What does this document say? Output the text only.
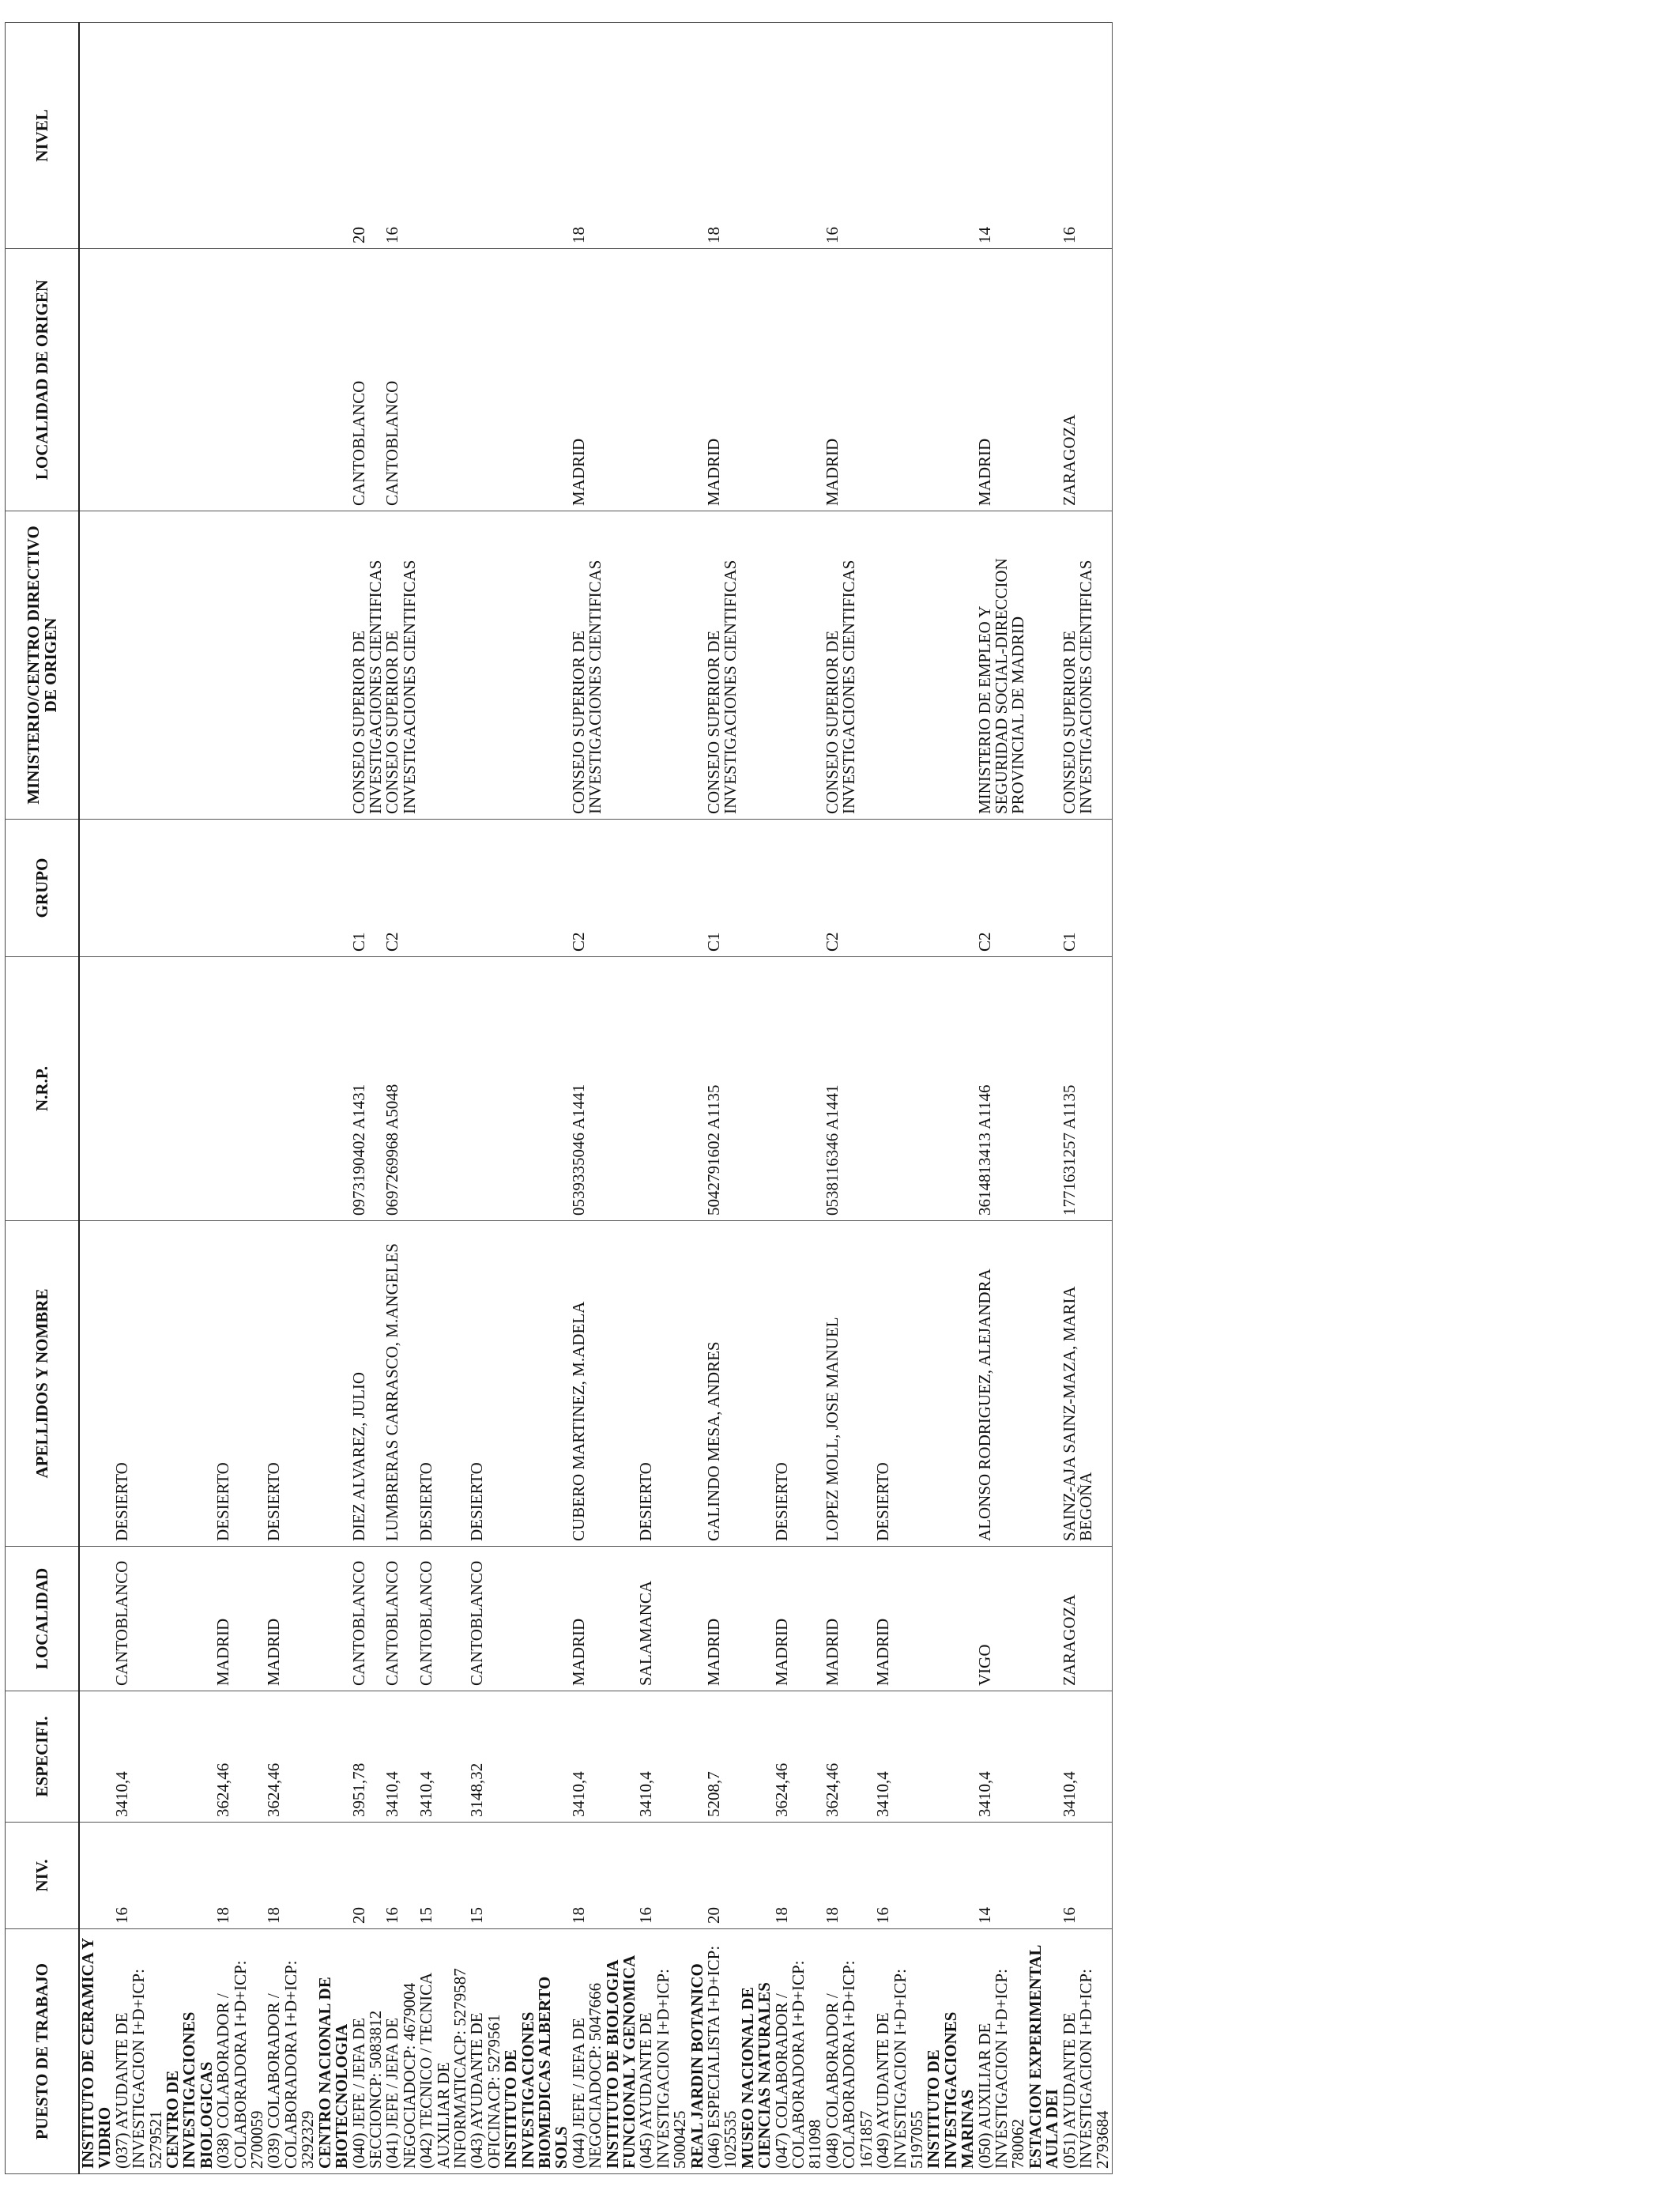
PUESTO DE TRABAJO	NIV.	ESPECIFI.	LOCALIDAD	APELLIDOS Y NOMBRE	N.R.P.	GRUPO	MINISTERIO/CENTRO DIRECTIVO DE ORIGEN	LOCALIDAD DE ORIGEN	NIVEL
INSTITUTO DE CERAMICA Y VIDRIO									
(037) AYUDANTE DE INVESTIGACION I+D+ICP: 5279521	16	3410,4	CANTOBLANCO	DESIERTO					
CENTRO DE INVESTIGACIONES BIOLOGICAS									
(038) COLABORADOR / COLABORADORA I+D+ICP: 2700059	18	3624,46	MADRID	DESIERTO					
(039) COLABORADOR / COLABORADORA I+D+ICP: 3292329	18	3624,46	MADRID	DESIERTO					
CENTRO NACIONAL DE BIOTECNOLOGIA									
(040) JEFE / JEFA DE SECCIONCP: 5083812	20	3951,78	CANTOBLANCO	DIEZ ALVAREZ, JULIO	0973190402 A1431	C1	CONSEJO SUPERIOR DE INVESTIGACIONES CIENTIFICAS	CANTOBLANCO	20
(041) JEFE / JEFA DE NEGOCIADOCP: 4679004	16	3410,4	CANTOBLANCO	LUMBRERAS CARRASCO, M.ANGELES	0697269968 A5048	C2	CONSEJO SUPERIOR DE INVESTIGACIONES CIENTIFICAS	CANTOBLANCO	16
(042) TECNICO / TECNICA AUXILIAR DE INFORMATICACP: 5279587	15	3410,4	CANTOBLANCO	DESIERTO					
(043) AYUDANTE DE OFICINACP: 5279561	15	3148,32	CANTOBLANCO	DESIERTO					
INSTITUTO DE INVESTIGACIONES BIOMEDICAS ALBERTO SOLS									
(044) JEFE / JEFA DE NEGOCIADOCP: 5047666	18	3410,4	MADRID	CUBERO MARTINEZ, M.ADELA	0539335046 A1441	C2	CONSEJO SUPERIOR DE INVESTIGACIONES CIENTIFICAS	MADRID	18
INSTITUTO DE BIOLOGIA FUNCIONAL Y GENOMICA									
(045) AYUDANTE DE INVESTIGACION I+D+ICP: 5000425	16	3410,4	SALAMANCA	DESIERTO					
REAL JARDIN BOTANICO									
(046) ESPECIALISTA I+D+ICP: 1025535	20	5208,7	MADRID	GALINDO MESA, ANDRES	5042791602 A1135	C1	CONSEJO SUPERIOR DE INVESTIGACIONES CIENTIFICAS	MADRID	18
MUSEO NACIONAL DE CIENCIAS NATURALES									
(047) COLABORADOR / COLABORADORA I+D+ICP: 811098	18	3624,46	MADRID	DESIERTO					
(048) COLABORADOR / COLABORADORA I+D+ICP: 1671857	18	3624,46	MADRID	LOPEZ MOLL, JOSE MANUEL	0538116346 A1441	C2	CONSEJO SUPERIOR DE INVESTIGACIONES CIENTIFICAS	MADRID	16
(049) AYUDANTE DE INVESTIGACION I+D+ICP: 5197055	16	3410,4	MADRID	DESIERTO					
INSTITUTO DE INVESTIGACIONES MARINAS									
(050) AUXILIAR DE INVESTIGACION I+D+ICP: 780062	14	3410,4	VIGO	ALONSO RODRIGUEZ, ALEJANDRA	3614813413 A1146	C2	MINISTERIO DE EMPLEO Y SEGURIDAD SOCIAL-DIRECCION PROVINCIAL DE MADRID	MADRID	14
ESTACION EXPERIMENTAL AULA DEI									
(051) AYUDANTE DE INVESTIGACION I+D+ICP: 2793684	16	3410,4	ZARAGOZA	SAINZ-AJA SAINZ-MAZA, MARIA BEGOÑA	1771631257 A1135	C1	CONSEJO SUPERIOR DE INVESTIGACIONES CIENTIFICAS	ZARAGOZA	16
